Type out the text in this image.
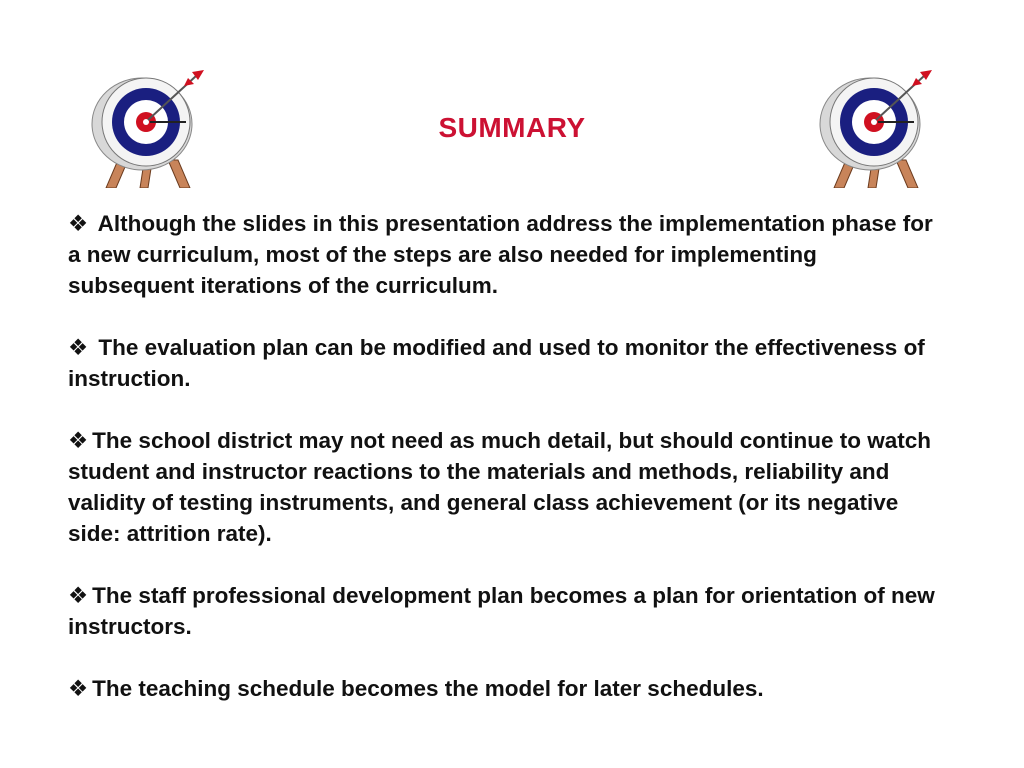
SUMMARY

❖ Although the slides in this presentation address the implementation phase for a new curriculum, most of the steps are also needed for implementing subsequent iterations of the curriculum.

❖ The evaluation plan can be modified and used to monitor the effectiveness of instruction.

❖ The school district may not need as much detail, but should continue to watch student and instructor reactions to the materials and methods, reliability and validity of testing instruments, and general class achievement (or its negative side: attrition rate).

❖ The staff professional development plan becomes a plan for orientation of new instructors.

❖ The teaching schedule becomes the model for later schedules.
